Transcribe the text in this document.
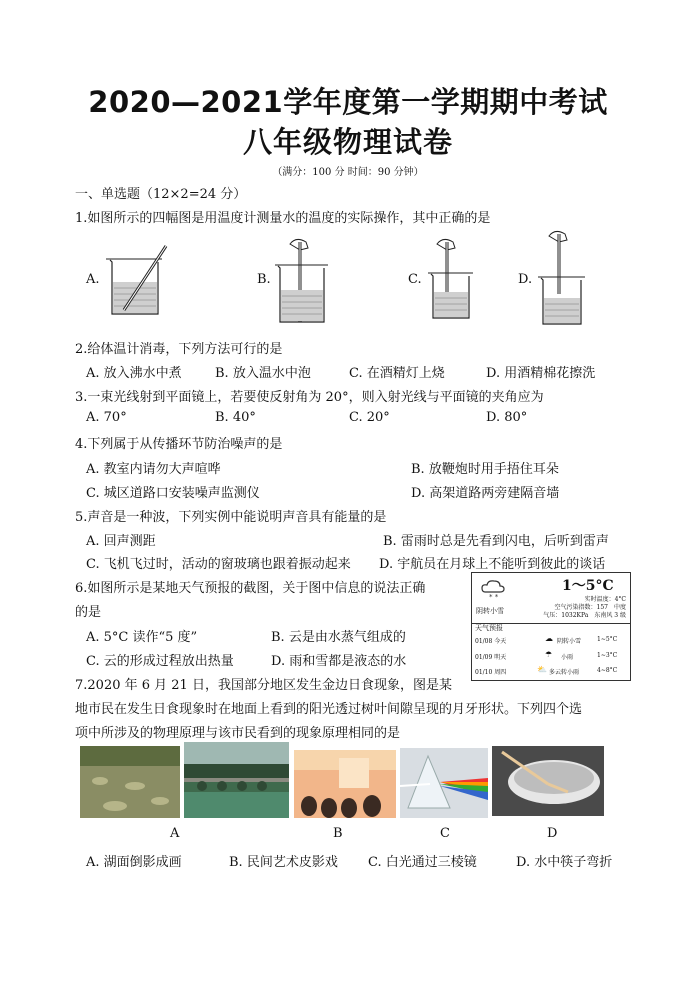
2020—2021学年度第一学期期中考试
八年级物理试卷
（满分：100 分 时间：90 分钟）
一、单选题（12×2=24 分）
1.如图所示的四幅图是用温度计测量水的温度的实际操作，其中正确的是
A.	B.	C.	D.
2.给体温计消毒，下列方法可行的是
A. 放入沸水中煮	B. 放入温水中泡	C. 在酒精灯上烧	D. 用酒精棉花擦洗
3.一束光线射到平面镜上，若要使反射角为 20°，则入射光线与平面镜的夹角应为
A. 70°	B. 40°	C. 20°	D. 80°
4.下列属于从传播环节防治噪声的是
A. 教室内请勿大声喧哗	B. 放鞭炮时用手捂住耳朵
C. 城区道路口安装噪声监测仪	D. 高架道路两旁建隔音墙
5.声音是一种波，下列实例中能说明声音具有能量的是
A. 回声测距	B. 雷雨时总是先看到闪电，后听到雷声
C. 飞机飞过时，活动的窗玻璃也跟着振动起来 D. 宇航员在月球上不能听到彼此的谈话
6.如图所示是某地天气预报的截图，关于图中信息的说法正确
的是
A. 5°C 读作“5 度”	B. 云是由水蒸气组成的
C. 云的形成过程放出热量	D. 雨和雪都是液态的水
* *
阴转小雪
1～5°C
实时温度：4°C
空气污染指数：157　中度
气压：1032KPa　东南风 3 级
天气预报
01/08 今天	☁ 阴转小雪	1~5°C
01/09 明天	☂ 小雨	1~3°C
01/10 周四	⛅ 多云转小雨	4~8°C
7.2020 年 6 月 21 日，我国部分地区发生金边日食现象，图是某
地市民在发生日食现象时在地面上看到的阳光透过树叶间隙呈现的月牙形状。下列四个选
项中所涉及的物理原理与该市民看到的现象原理相同的是
A	B	C	D
A. 湖面倒影成画	B. 民间艺术皮影戏 C. 白光通过三棱镜	D. 水中筷子弯折
